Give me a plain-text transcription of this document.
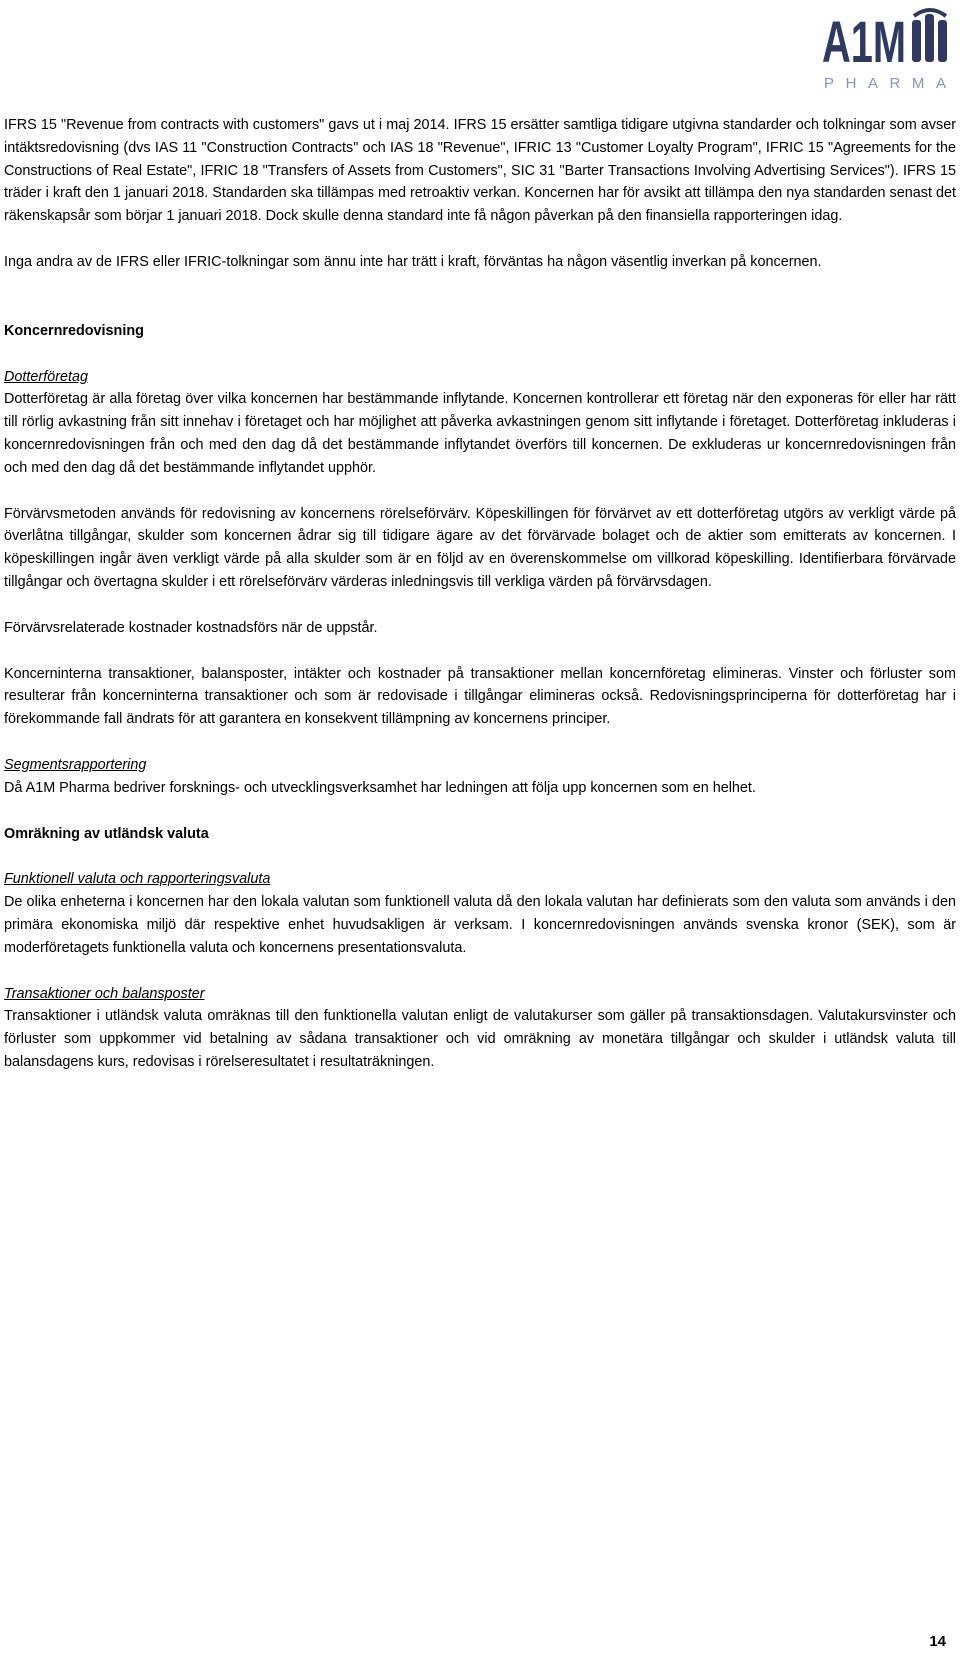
A1M
PHARMA

IFRS 15 "Revenue from contracts with customers" gavs ut i maj 2014. IFRS 15 ersätter samtliga tidigare utgivna standarder och tolkningar som avser intäktsredovisning (dvs IAS 11 "Construction Contracts" och IAS 18 "Revenue", IFRIC 13 "Customer Loyalty Program", IFRIC 15 "Agreements for the Constructions of Real Estate", IFRIC 18 "Transfers of Assets from Customers", SIC 31 "Barter Transactions Involving Advertising Services"). IFRS 15 träder i kraft den 1 januari 2018. Standarden ska tillämpas med retroaktiv verkan. Koncernen har för avsikt att tillämpa den nya standarden senast det räkenskapsår som börjar 1 januari 2018. Dock skulle denna standard inte få någon påverkan på den finansiella rapporteringen idag.

Inga andra av de IFRS eller IFRIC-tolkningar som ännu inte har trätt i kraft, förväntas ha någon väsentlig inverkan på koncernen.

Koncernredovisning

Dotterföretag

Dotterföretag är alla företag över vilka koncernen har bestämmande inflytande. Koncernen kontrollerar ett företag när den exponeras för eller har rätt till rörlig avkastning från sitt innehav i företaget och har möjlighet att påverka avkastningen genom sitt inflytande i företaget. Dotterföretag inkluderas i koncernredovisningen från och med den dag då det bestämmande inflytandet överförs till koncernen. De exkluderas ur koncernredovisningen från och med den dag då det bestämmande inflytandet upphör.

Förvärvsmetoden används för redovisning av koncernens rörelseförvärv. Köpeskillingen för förvärvet av ett dotterföretag utgörs av verkligt värde på överlåtna tillgångar, skulder som koncernen ådrar sig till tidigare ägare av det förvärvade bolaget och de aktier som emitterats av koncernen. I köpeskillingen ingår även verkligt värde på alla skulder som är en följd av en överenskommelse om villkorad köpeskilling. Identifierbara förvärvade tillgångar och övertagna skulder i ett rörelseförvärv värderas inledningsvis till verkliga värden på förvärvsdagen.

Förvärvsrelaterade kostnader kostnadsförs när de uppstår.

Koncerninterna transaktioner, balansposter, intäkter och kostnader på transaktioner mellan koncernföretag elimineras. Vinster och förluster som resulterar från koncerninterna transaktioner och som är redovisade i tillgångar elimineras också. Redovisningsprinciperna för dotterföretag har i förekommande fall ändrats för att garantera en konsekvent tillämpning av koncernens principer.

Segmentsrapportering

Då A1M Pharma bedriver forsknings- och utvecklingsverksamhet har ledningen att följa upp koncernen som en helhet.

Omräkning av utländsk valuta

Funktionell valuta och rapporteringsvaluta

De olika enheterna i koncernen har den lokala valutan som funktionell valuta då den lokala valutan har definierats som den valuta som används i den primära ekonomiska miljö där respektive enhet huvudsakligen är verksam. I koncernredovisningen används svenska kronor (SEK), som är moderföretagets funktionella valuta och koncernens presentationsvaluta.

Transaktioner och balansposter

Transaktioner i utländsk valuta omräknas till den funktionella valutan enligt de valutakurser som gäller på transaktionsdagen. Valutakursvinster och förluster som uppkommer vid betalning av sådana transaktioner och vid omräkning av monetära tillgångar och skulder i utländsk valuta till balansdagens kurs, redovisas i rörelseresultatet i resultaträkningen.

14
